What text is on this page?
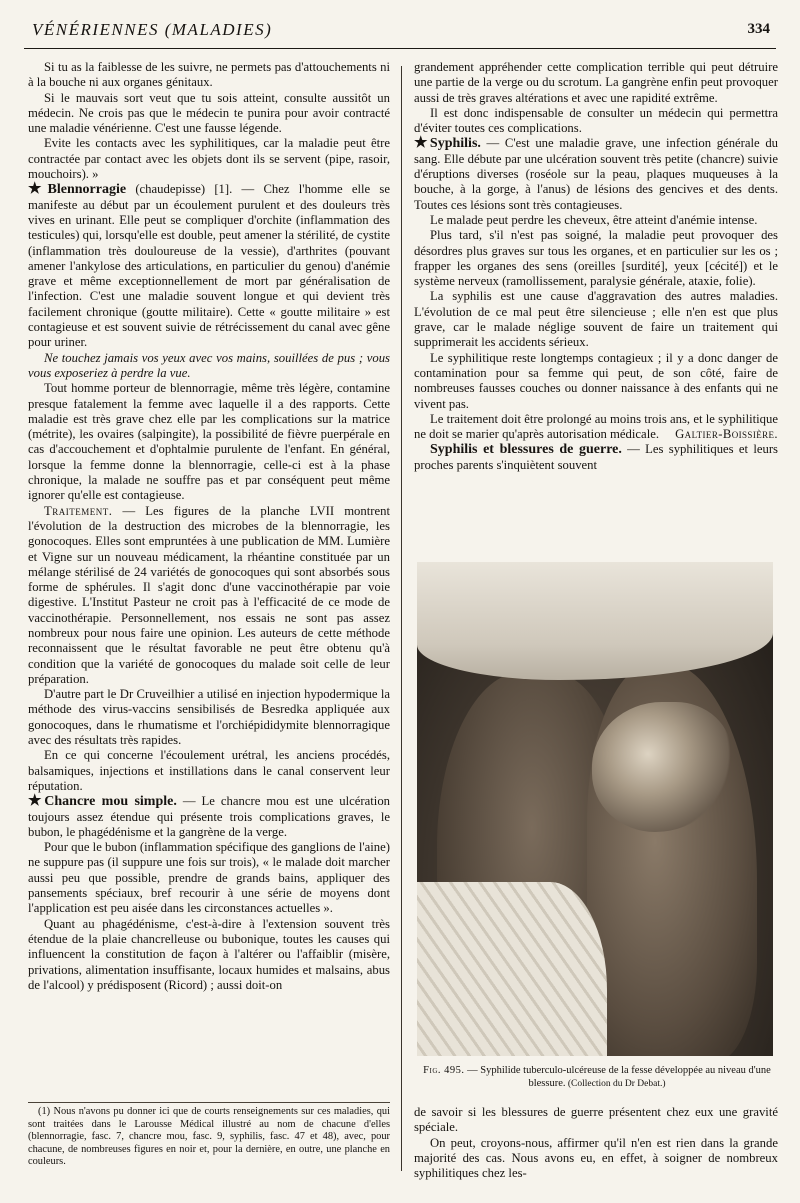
VÉNÉRIENNES (MALADIES)	334

Si tu as la faiblesse de les suivre, ne permets pas d'attouchements ni à la bouche ni aux organes génitaux.

Si le mauvais sort veut que tu sois atteint, consulte aussitôt un médecin. Ne crois pas que le médecin te punira pour avoir contracté une maladie vénérienne. C'est une fausse légende.

Evite les contacts avec les syphilitiques, car la maladie peut être contractée par contact avec les objets dont ils se servent (pipe, rasoir, mouchoirs). »

★Blennorragie (chaudepisse) [1]. — Chez l'homme elle se manifeste au début par un écoulement purulent et des douleurs très vives en urinant. Elle peut se compliquer d'orchite (inflammation des testicules) qui, lorsqu'elle est double, peut amener la stérilité, de cystite (inflammation très douloureuse de la vessie), d'arthrites (pouvant amener l'ankylose des articulations, en particulier du genou) d'anémie grave et même exceptionnellement de mort par généralisation de l'infection. C'est une maladie souvent longue et qui devient très facilement chronique (goutte militaire). Cette « goutte militaire » est contagieuse et est souvent suivie de rétrécissement du canal avec gêne pour uriner.

Ne touchez jamais vos yeux avec vos mains, souillées de pus ; vous vous exposeriez à perdre la vue.

Tout homme porteur de blennorragie, même très légère, contamine presque fatalement la femme avec laquelle il a des rapports. Cette maladie est très grave chez elle par les complications sur la matrice (métrite), les ovaires (salpingite), la possibilité de fièvre puerpérale en cas d'accouchement et d'ophtalmie purulente de l'enfant. En général, lorsque la femme donne la blennorragie, celle-ci est à la phase chronique, la malade ne souffre pas et par conséquent peut même ignorer qu'elle est contagieuse.

Traitement. — Les figures de la planche LVII montrent l'évolution de la destruction des microbes de la blennorragie, les gonocoques. Elles sont empruntées à une publication de MM. Lumière et Vigne sur un nouveau médicament, la rhéantine constituée par un mélange stérilisé de 24 variétés de gonocoques qui sont absorbés sous forme de sphérules. Il s'agit donc d'une vaccinothérapie par voie digestive. L'Institut Pasteur ne croit pas à l'efficacité de ce mode de vaccinothérapie. Personnellement, nos essais ne sont pas assez nombreux pour nous faire une opinion. Les auteurs de cette méthode reconnaissent que le résultat favorable ne peut être obtenu qu'à condition que la variété de gonocoques du malade soit celle de leur préparation.

D'autre part le Dr Cruveilhier a utilisé en injection hypodermique la méthode des virus-vaccins sensibilisés de Besredka appliquée aux gonocoques, dans le rhumatisme et l'orchiépididymite blennorragique avec des résultats très rapides.

En ce qui concerne l'écoulement urétral, les anciens procédés, balsamiques, injections et instillations dans le canal conservent leur réputation.

★Chancre mou simple. — Le chancre mou est une ulcération toujours assez étendue qui présente trois complications graves, le bubon, le phagédénisme et la gangrène de la verge.

Pour que le bubon (inflammation spécifique des ganglions de l'aine) ne suppure pas (il suppure une fois sur trois), « le malade doit marcher aussi peu que possible, prendre de grands bains, appliquer des pansements spéciaux, bref recourir à une série de moyens dont l'application est peu aisée dans les circonstances actuelles ».

Quant au phagédénisme, c'est-à-dire à l'extension souvent très étendue de la plaie chancrelleuse ou bubonique, toutes les causes qui influencent la constitution de façon à l'altérer ou l'affaiblir (misère, privations, alimentation insuffisante, locaux humides et malsains, abus de l'alcool) y prédisposent (Ricord) ; aussi doit-on

(1) Nous n'avons pu donner ici que de courts renseignements sur ces maladies, qui sont traitées dans le Larousse Médical illustré au nom de chacune d'elles (blennorragie, fasc. 7, chancre mou, fasc. 9, syphilis, fasc. 47 et 48), avec, pour chacune, de nombreuses figures en noir et, pour la dernière, en outre, une planche en couleurs.

grandement appréhender cette complication terrible qui peut détruire une partie de la verge ou du scrotum. La gangrène enfin peut provoquer aussi de très graves altérations et avec une rapidité extrême.

Il est donc indispensable de consulter un médecin qui permettra d'éviter toutes ces complications.

★Syphilis. — C'est une maladie grave, une infection générale du sang. Elle débute par une ulcération souvent très petite (chancre) suivie d'éruptions diverses (roséole sur la peau, plaques muqueuses à la bouche, à la gorge, à l'anus) de lésions des gencives et des dents. Toutes ces lésions sont très contagieuses.

Le malade peut perdre les cheveux, être atteint d'anémie intense.

Plus tard, s'il n'est pas soigné, la maladie peut provoquer des désordres plus graves sur tous les organes, et en particulier sur les os ; frapper les organes des sens (oreilles [surdité], yeux [cécité]) et le système nerveux (ramollissement, paralysie générale, ataxie, folie).

La syphilis est une cause d'aggravation des autres maladies. L'évolution de ce mal peut être silencieuse ; elle n'en est que plus grave, car le malade néglige souvent de faire un traitement qui supprimerait les accidents sérieux.

Le syphilitique reste longtemps contagieux ; il y a donc danger de contamination pour sa femme qui peut, de son côté, faire de nombreuses fausses couches ou donner naissance à des enfants qui ne vivent pas.

Le traitement doit être prolongé au moins trois ans, et le syphilitique ne doit se marier qu'après autorisation médicale.	Galtier-Boissière.

Syphilis et blessures de guerre. — Les syphilitiques et leurs proches parents s'inquiètent souvent

Fig. 495. — Syphilide tuberculo-ulcéreuse de la fesse développée au niveau d'une blessure. (Collection du Dr Debat.)

de savoir si les blessures de guerre présentent chez eux une gravité spéciale.

On peut, croyons-nous, affirmer qu'il n'en est rien dans la grande majorité des cas. Nous avons eu, en effet, à soigner de nombreux syphilitiques chez les-
